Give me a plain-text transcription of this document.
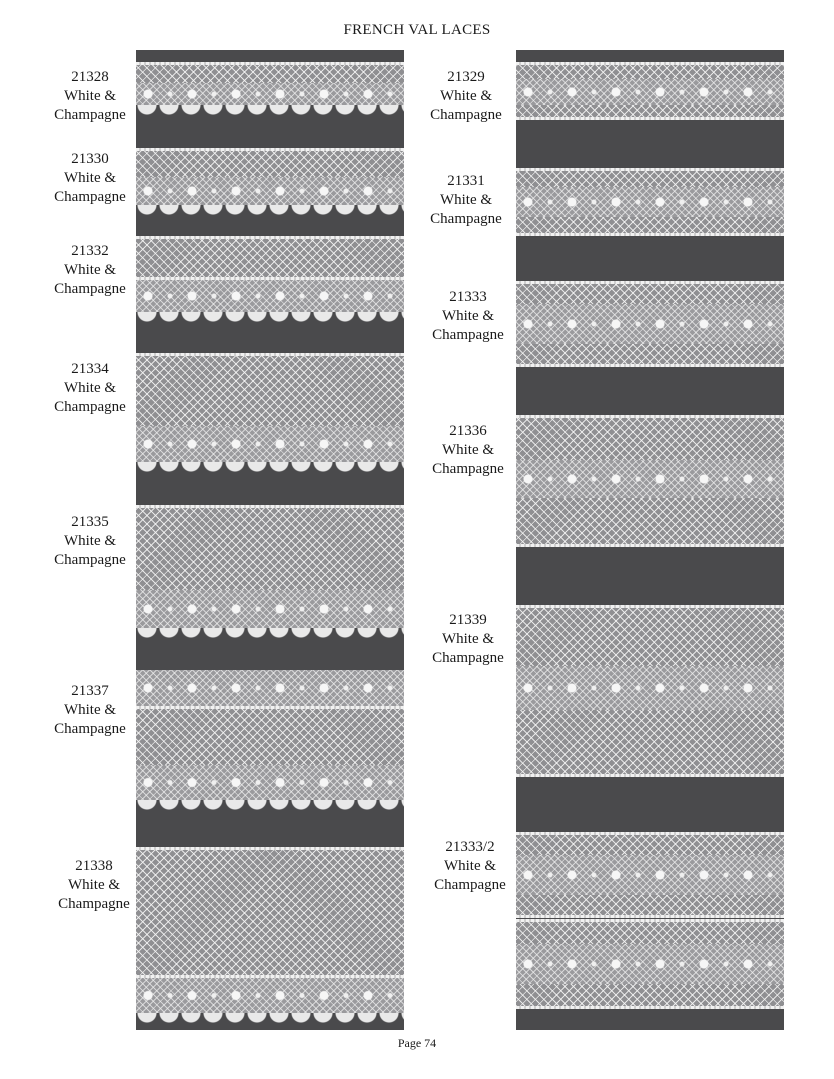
FRENCH VAL LACES
21328
White &
Champagne
21330
White &
Champagne
21332
White &
Champagne
21334
White &
Champagne
21335
White &
Champagne
21337
White &
Champagne
21338
White &
Champagne
21329
White &
Champagne
21331
White &
Champagne
21333
White &
Champagne
21336
White &
Champagne
21339
White &
Champagne
21333/2
White &
Champagne
Page 74
